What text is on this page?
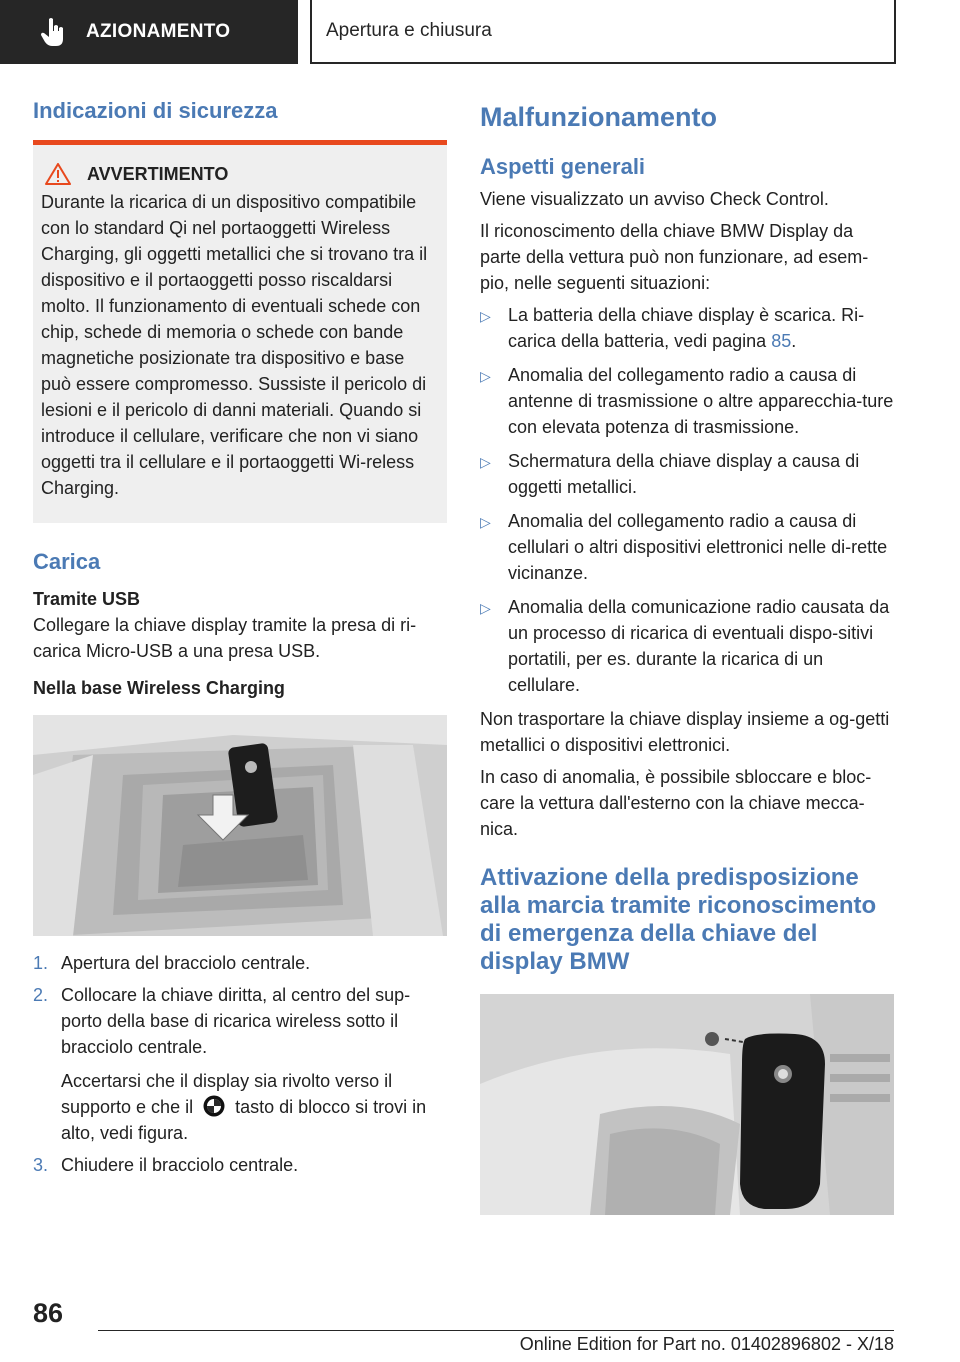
AZIONAMENTO	Apertura e chiusura
Indicazioni di sicurezza
AVVERTIMENTO

Durante la ricarica di un dispositivo compatibile con lo standard Qi nel portaoggetti Wireless Charging, gli oggetti metallici che si trovano tra il dispositivo e il portaoggetti posso riscaldarsi molto. Il funzionamento di eventuali schede con chip, schede di memoria o schede con bande magnetiche posizionate tra dispositivo e base può essere compromesso. Sussiste il pericolo di lesioni e il pericolo di danni materiali. Quando si introduce il cellulare, verificare che non vi siano oggetti tra il cellulare e il portaoggetti Wi‐reless Charging.

Carica
Tramite USB

Collegare la chiave display tramite la presa di ri‐carica Micro-USB a una presa USB.

Nella base Wireless Charging
1. Apertura del bracciolo centrale.
2. Collocare la chiave diritta, al centro del sup‐porto della base di ricarica wireless sotto il bracciolo centrale.
Accertarsi che il display sia rivolto verso il supporto e che il tasto di blocco si trovi in alto, vedi figura.
3. Chiudere il bracciolo centrale.
Malfunzionamento
Aspetti generali

Viene visualizzato un avviso Check Control.

Il riconoscimento della chiave BMW Display da parte della vettura può non funzionare, ad esem‐pio, nelle seguenti situazioni:

▷ La batteria della chiave display è scarica. Ri‐carica della batteria, vedi pagina 85.
▷ Anomalia del collegamento radio a causa di antenne di trasmissione o altre apparecchia‐ture con elevata potenza di trasmissione.
▷ Schermatura della chiave display a causa di oggetti metallici.
▷ Anomalia del collegamento radio a causa di cellulari o altri dispositivi elettronici nelle di‐rette vicinanze.
▷ Anomalia della comunicazione radio causata da un processo di ricarica di eventuali dispo‐sitivi portatili, per es. durante la ricarica di un cellulare.

Non trasportare la chiave display insieme a og‐getti metallici o dispositivi elettronici.

In caso di anomalia, è possibile sbloccare e bloc‐care la vettura dall'esterno con la chiave mecca‐nica.

Attivazione della predisposizione alla marcia tramite riconoscimento di emergenza della chiave del display BMW
86
Online Edition for Part no. 01402896802 - X/18
